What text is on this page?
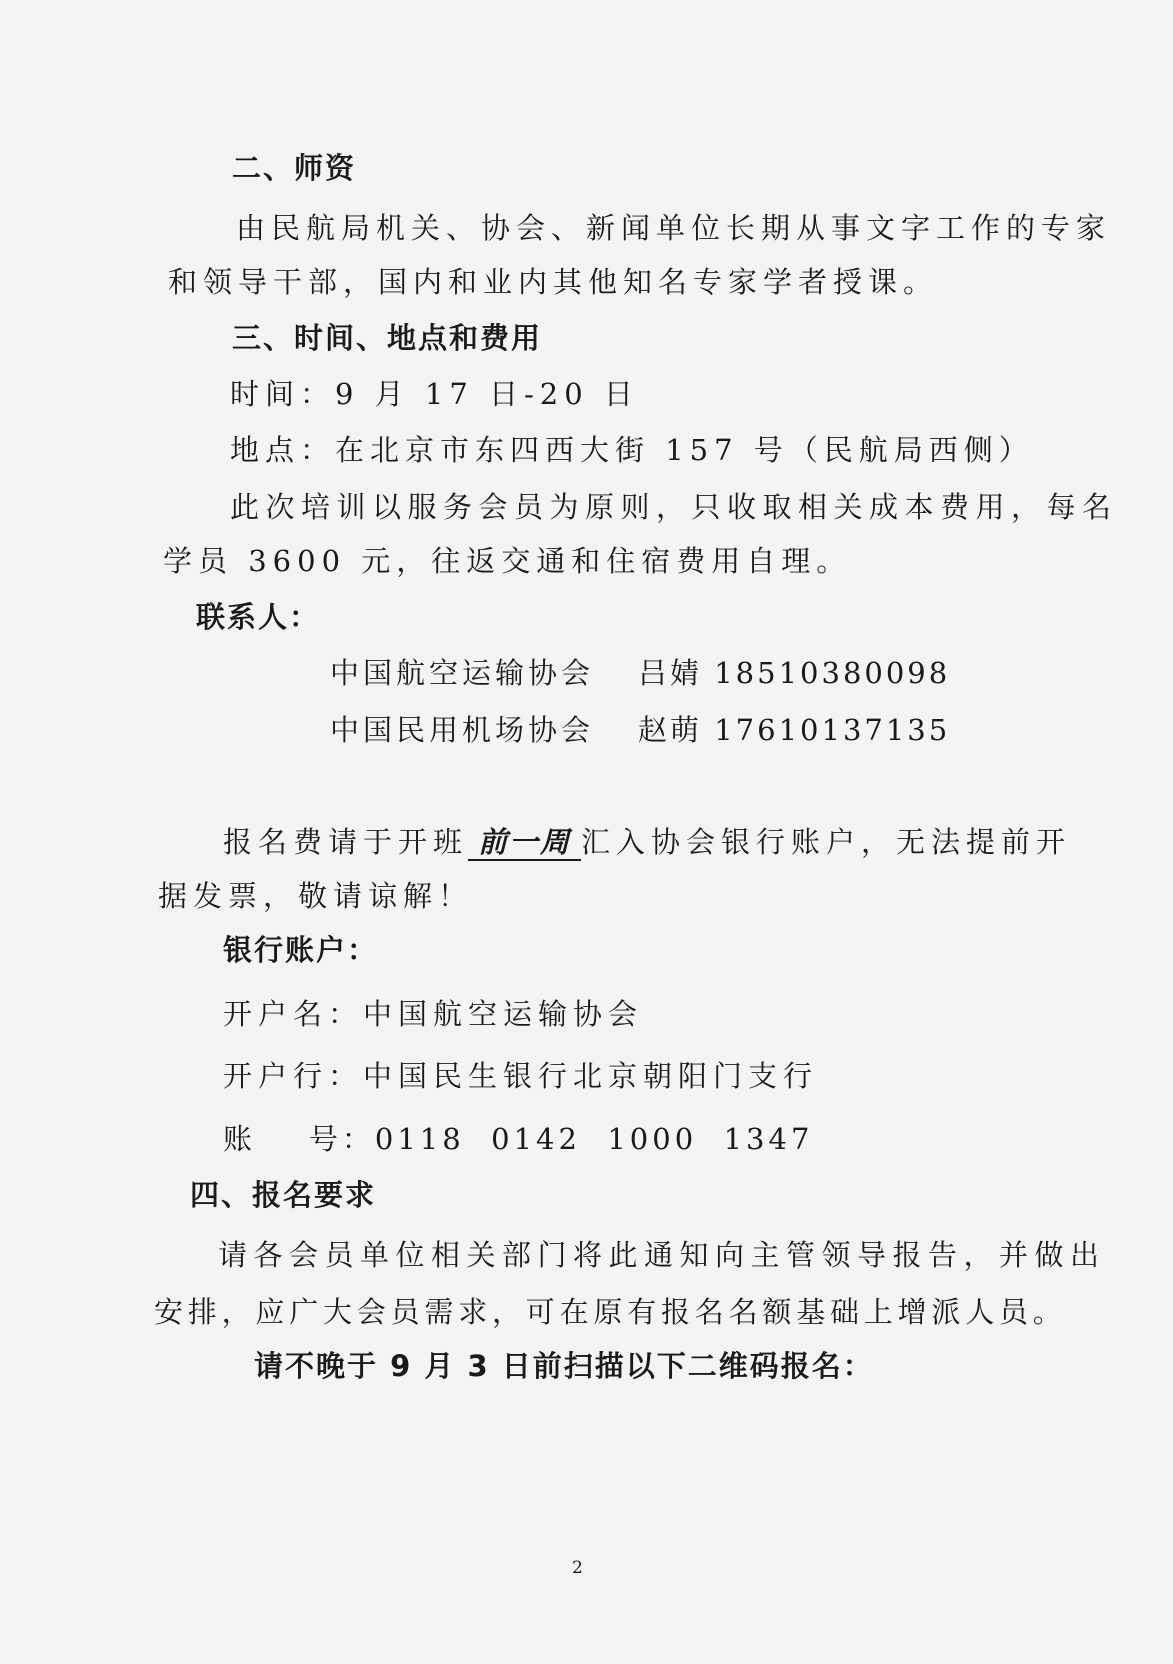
二、师资
由民航局机关、协会、新闻单位长期从事文字工作的专家
和领导干部，国内和业内其他知名专家学者授课。
三、时间、地点和费用
时间：9 月 17 日-20 日
地点：在北京市东四西大街 157 号（民航局西侧）
此次培训以服务会员为原则，只收取相关成本费用，每名
学员 3600 元，往返交通和住宿费用自理。
联系人：
中国航空运输协会 吕婧 18510380098
中国民用机场协会 赵萌 17610137135
报名费请于开班 前一周 汇入协会银行账户，无法提前开
据发票，敬请谅解！
银行账户：
开户名：中国航空运输协会
开户行：中国民生银行北京朝阳门支行
账    号：0118  0142  1000  1347
四、报名要求
请各会员单位相关部门将此通知向主管领导报告，并做出
安排，应广大会员需求，可在原有报名名额基础上增派人员。
请不晚于 9 月 3 日前扫描以下二维码报名：
2
